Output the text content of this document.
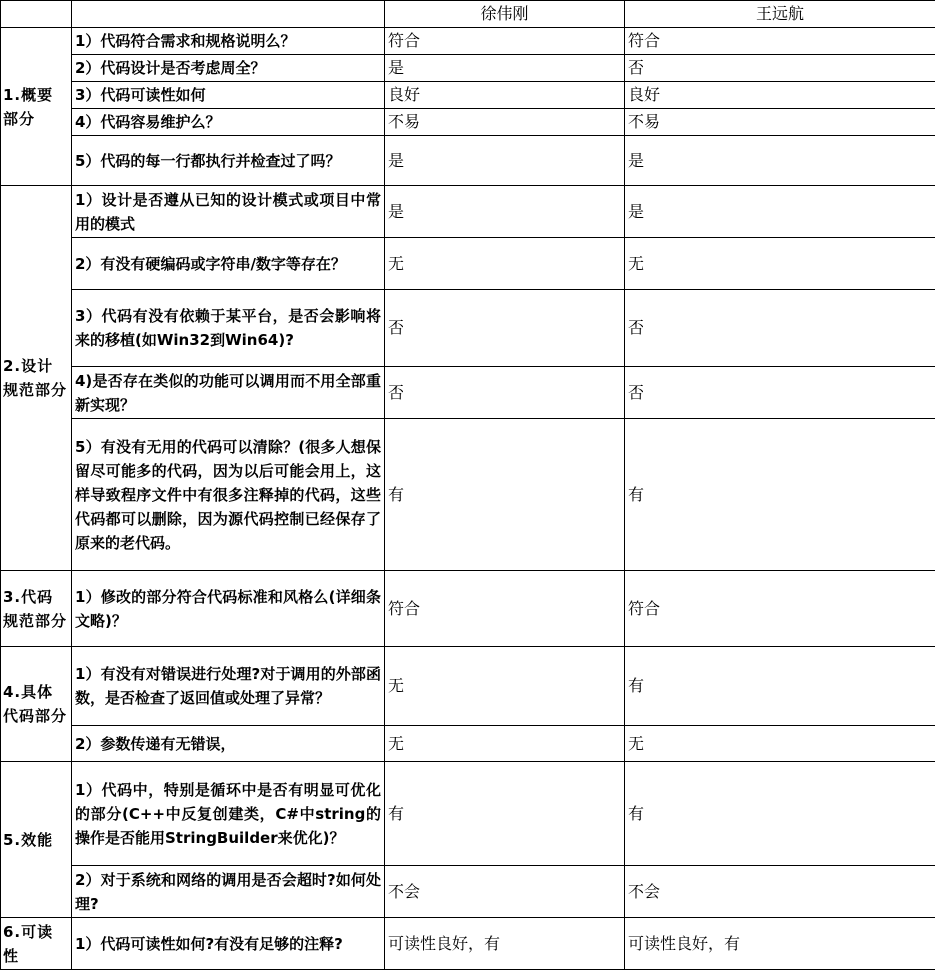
		徐伟刚	王远航
1.概要部分	1）代码符合需求和规格说明么？	符合	符合
	2）代码设计是否考虑周全？	是	否
	3）代码可读性如何	良好	良好
	4）代码容易维护么？	不易	不易
	5）代码的每一行都执行并检查过了吗？	是	是
2.设计规范部分	1）设计是否遵从已知的设计模式或项目中常用的模式	是	是
	2）有没有硬编码或字符串/数字等存在？	无	无
	3）代码有没有依赖于某平台，是否会影响将来的移植(如Win32到Win64)?	否	否
	4)是否存在类似的功能可以调用而不用全部重新实现？	否	否
	5）有没有无用的代码可以清除？(很多人想保留尽可能多的代码，因为以后可能会用上，这样导致程序文件中有很多注释掉的代码，这些代码都可以删除，因为源代码控制已经保存了原来的老代码。	有	有
3.代码规范部分	1）修改的部分符合代码标准和风格么(详细条文略)？	符合	符合
4.具体代码部分	1）有没有对错误进行处理?对于调用的外部函数，是否检查了返回值或处理了异常？	无	有
	2）参数传递有无错误，	无	无
5.效能	1）代码中，特别是循环中是否有明显可优化的部分(C++中反复创建类，C#中string的操作是否能用StringBuilder来优化)？	有	有
	2）对于系统和网络的调用是否会超时?如何处理?	不会	不会
6.可读性	1）代码可读性如何?有没有足够的注释?	可读性良好，有	可读性良好，有
